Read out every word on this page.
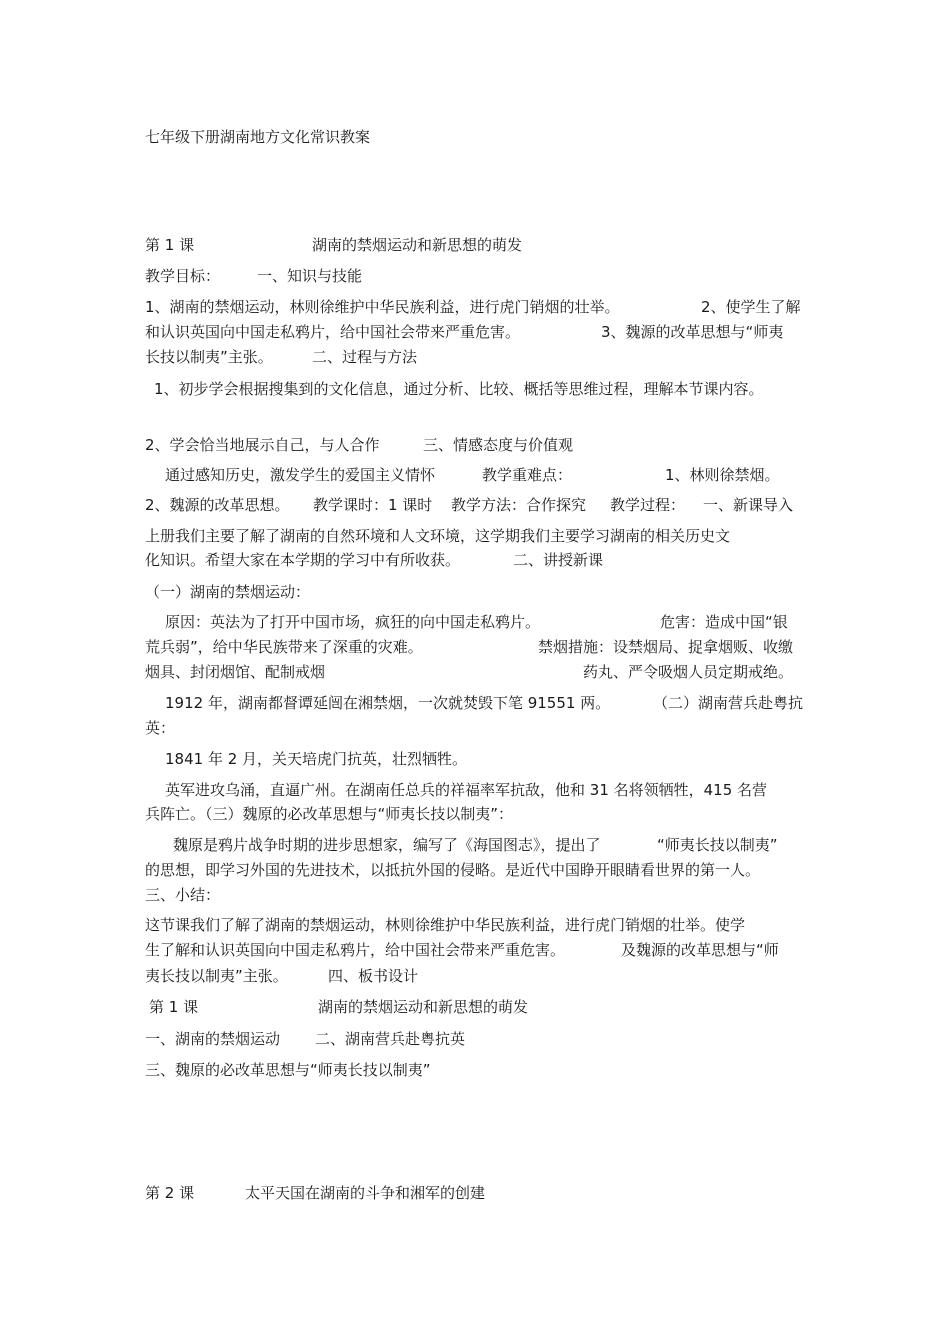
七年级下册湖南地方文化常识教案
第 1 课	湖南的禁烟运动和新思想的萌发
教学目标： 一、知识与技能
1、湖南的禁烟运动，林则徐维护中华民族利益，进行虎门销烟的壮举。	2、使学生了解
和认识英国向中国走私鸦片，给中国社会带来严重危害。	3、魏源的改革思想与“师夷
长技以制夷”主张。	二、过程与方法
1、初步学会根据搜集到的文化信息，通过分析、比较、概括等思维过程，理解本节课内容。
2、学会恰当地展示自己，与人合作	三、情感态度与价值观
通过感知历史，激发学生的爱国主义情怀	教学重难点：	1、林则徐禁烟。
2、魏源的改革思想。 教学课时：1 课时 教学方法：合作探究 教学过程： 一、新课导入
上册我们主要了解了湖南的自然环境和人文环境，这学期我们主要学习湖南的相关历史文
化知识。希望大家在本学期的学习中有所收获。	二、讲授新课
（一）湖南的禁烟运动：
原因：英法为了打开中国市场，疯狂的向中国走私鸦片。	危害：造成中国“银
荒兵弱”，给中华民族带来了深重的灾难。	禁烟措施：设禁烟局、捉拿烟贩、收缴
烟具、封闭烟馆、配制戒烟	药丸、严令吸烟人员定期戒绝。
1912 年，湖南都督谭延闿在湘禁烟，一次就焚毁下笔 91551 两。	（二）湖南营兵赴粤抗
英：
1841 年 2 月，关天培虎门抗英，壮烈牺牲。
英军进攻乌涌，直逼广州。在湖南任总兵的祥福率军抗敌，他和 31 名将领牺牲，415 名营
兵阵亡。（三）魏原的必改革思想与“师夷长技以制夷”：
魏原是鸦片战争时期的进步思想家，编写了《海国图志》，提出了	“师夷长技以制夷”
的思想，即学习外国的先进技术，以抵抗外国的侵略。是近代中国睁开眼睛看世界的第一人。
三、小结：
这节课我们了解了湖南的禁烟运动，林则徐维护中华民族利益，进行虎门销烟的壮举。使学
生了解和认识英国向中国走私鸦片，给中国社会带来严重危害。	及魏源的改革思想与“师
夷长技以制夷”主张。	四、板书设计
第 1 课	湖南的禁烟运动和新思想的萌发
一、湖南的禁烟运动 二、湖南营兵赴粤抗英
三、魏原的必改革思想与“师夷长技以制夷”
第 2 课	太平天国在湖南的斗争和湘军的创建
